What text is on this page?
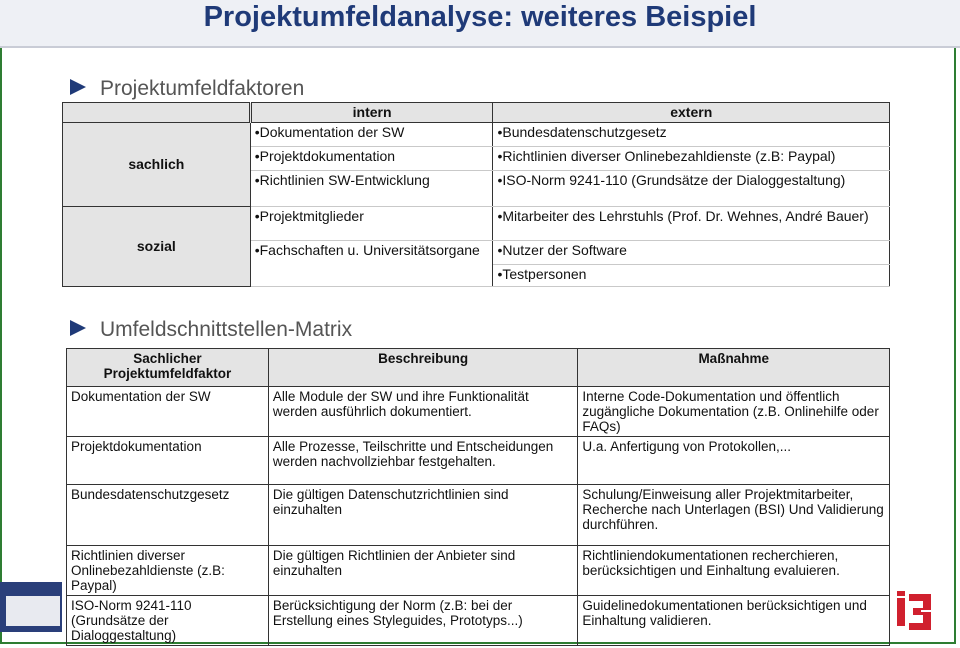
Projektumfeldanalyse: weiteres Beispiel
Projektumfeldfaktoren
	intern	extern
sachlich	•Dokumentation der SW	•Bundesdatenschutzgesetz
	•Projektdokumentation	•Richtlinien diverser Onlinebezahldienste (z.B: Paypal)
	•Richtlinien SW-Entwicklung	•ISO-Norm 9241-110 (Grundsätze der Dialoggestaltung)
sozial	•Projektmitglieder	•Mitarbeiter des Lehrstuhls (Prof. Dr. Wehnes, André Bauer)
	•Fachschaften u. Universitätsorgane	•Nutzer der Software
		•Testpersonen
Umfeldschnittstellen-Matrix
Sachlicher Projektumfeldfaktor	Beschreibung	Maßnahme
Dokumentation der SW	Alle Module der SW und ihre Funktionalität werden ausführlich dokumentiert.	Interne Code-Dokumentation und öffentlich zugängliche Dokumentation (z.B. Onlinehilfe oder FAQs)
Projektdokumentation	Alle Prozesse, Teilschritte und Entscheidungen werden nachvollziehbar festgehalten.	U.a. Anfertigung von Protokollen,...
Bundesdatenschutzgesetz	Die gültigen Datenschutzrichtlinien sind einzuhalten	Schulung/Einweisung aller Projektmitarbeiter, Recherche nach Unterlagen (BSI) Und Validierung durchführen.
Richtlinien diverser Onlinebezahldienste (z.B: Paypal)	Die gültigen Richtlinien der Anbieter sind einzuhalten	Richtliniendokumentationen recherchieren, berücksichtigen und Einhaltung evaluieren.
ISO-Norm 9241-110 (Grundsätze der Dialoggestaltung)	Berücksichtigung der Norm (z.B: bei der Erstellung eines Styleguides, Prototyps...)	Guidelinedokumentationen berücksichtigen und Einhaltung validieren.
